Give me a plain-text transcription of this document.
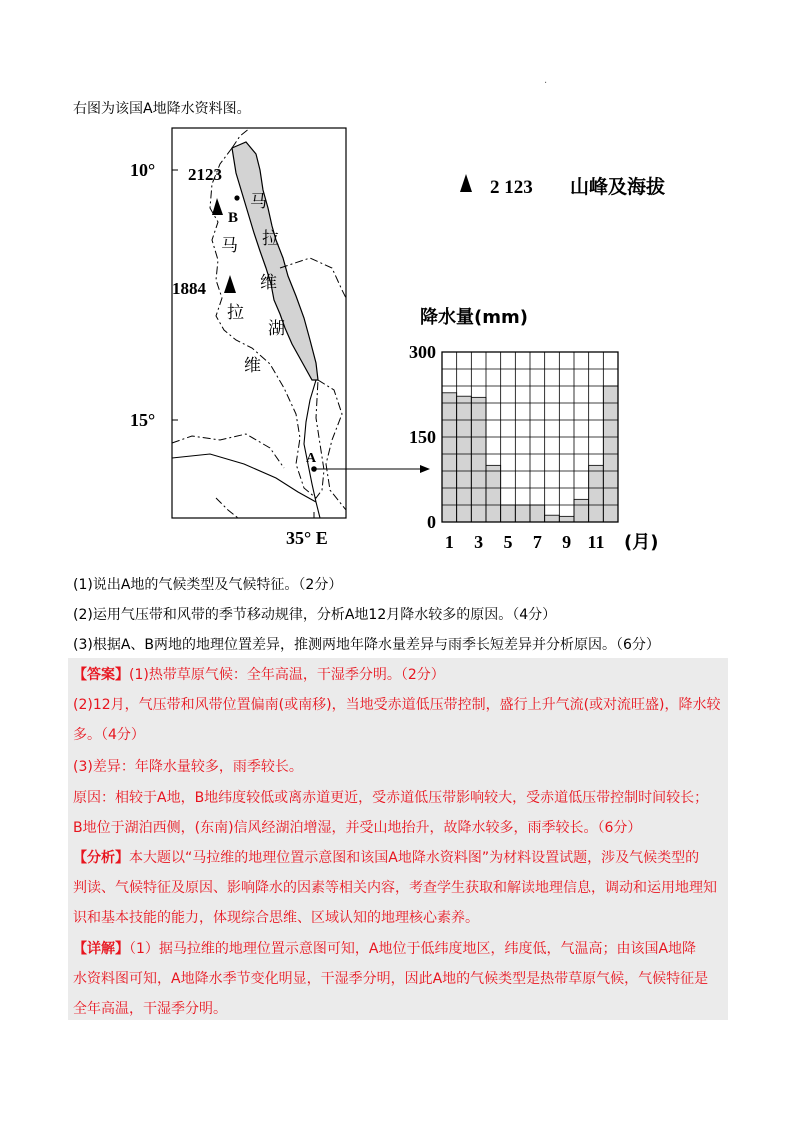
·
右图为该国A地降水资料图。
10°
15°
35° E
2123
1884
B
马
拉
维
马
拉
维
湖
A
2 123 山峰及海拔
降水量(mm)
0
150
300
1 3 5 7 9 11 (月)
(1)说出A地的气候类型及气候特征。（2分）
(2)运用气压带和风带的季节移动规律，分析A地12月降水较多的原因。（4分）
(3)根据A、B两地的地理位置差异，推测两地年降水量差异与雨季长短差异并分析原因。（6分）
【答案】(1)热带草原气候：全年高温，干湿季分明。（2分）
(2)12月，气压带和风带位置偏南(或南移)，当地受赤道低压带控制，盛行上升气流(或对流旺盛)，降水较
多。（4分）
(3)差异：年降水量较多，雨季较长。
原因：相较于A地，B地纬度较低或离赤道更近，受赤道低压带影响较大，受赤道低压带控制时间较长；
B地位于湖泊西侧，(东南)信风经湖泊增湿，并受山地抬升，故降水较多，雨季较长。（6分）
【分析】本大题以“马拉维的地理位置示意图和该国A地降水资料图”为材料设置试题，涉及气候类型的
判读、气候特征及原因、影响降水的因素等相关内容，考查学生获取和解读地理信息，调动和运用地理知
识和基本技能的能力，体现综合思维、区域认知的地理核心素养。
【详解】（1）据马拉维的地理位置示意图可知，A地位于低纬度地区，纬度低，气温高；由该国A地降
水资料图可知，A地降水季节变化明显，干湿季分明，因此A地的气候类型是热带草原气候，气候特征是
全年高温，干湿季分明。
